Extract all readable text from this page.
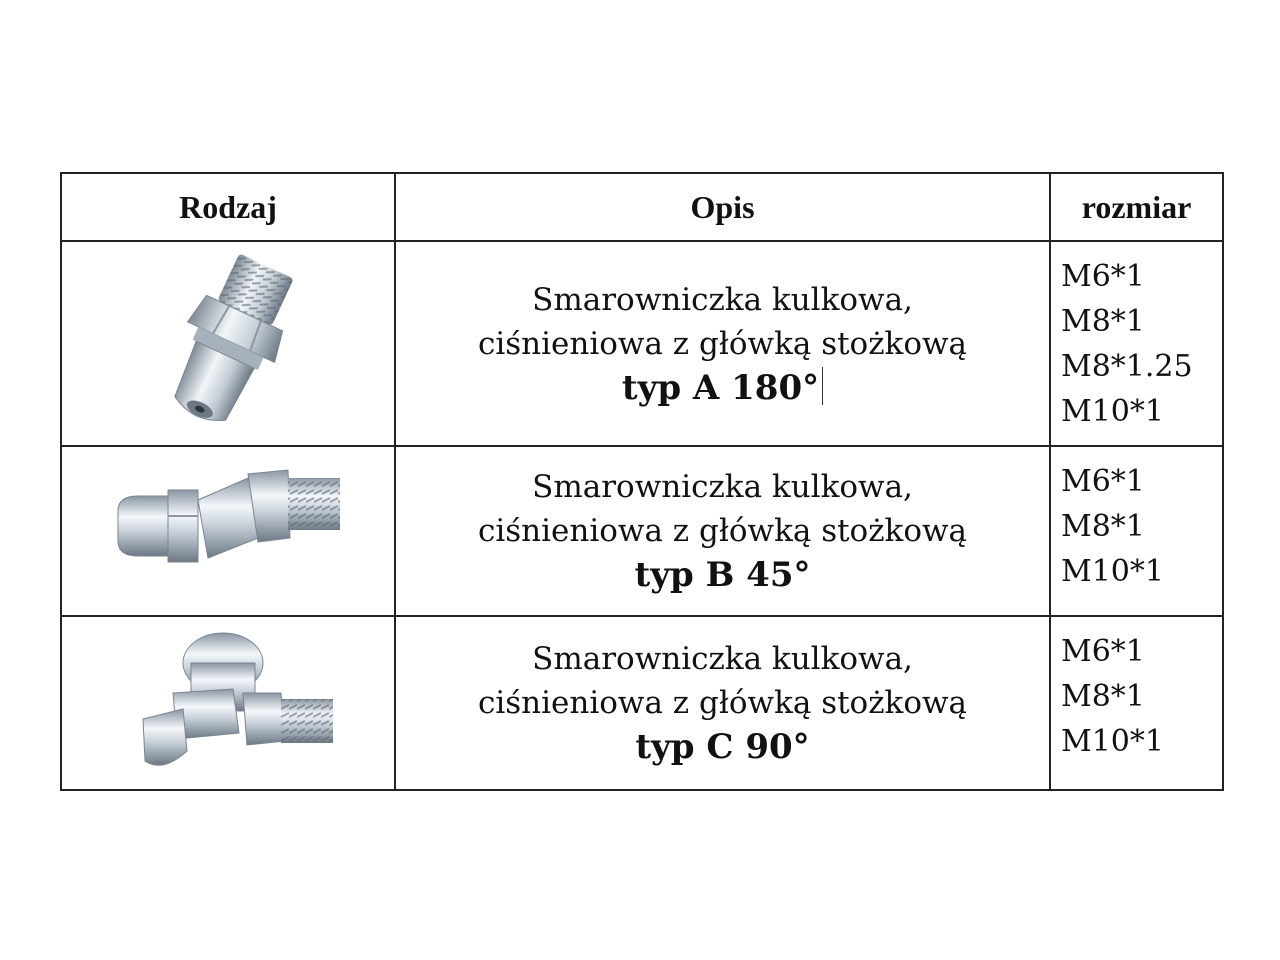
Rodzaj	Opis	rozmiar

Smarowniczka kulkowa,
ciśnieniowa z główką stożkową
typ A 180°	M6*1
M8*1
M8*1.25
M10*1

Smarowniczka kulkowa,
ciśnieniowa z główką stożkową
typ B 45°	M6*1
M8*1
M10*1

Smarowniczka kulkowa,
ciśnieniowa z główką stożkową
typ C 90°	M6*1
M8*1
M10*1
